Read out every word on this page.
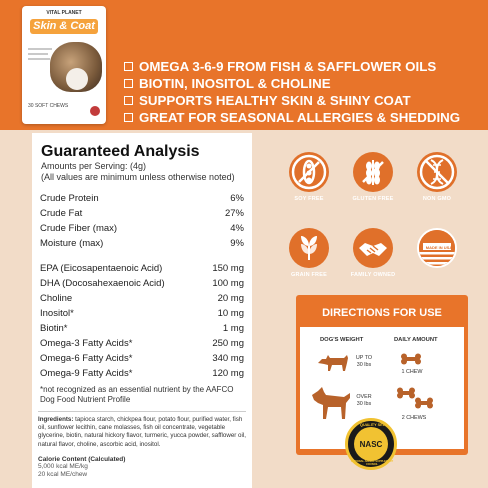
VITAL PLANET
Skin & Coat
30 SOFT CHEWS
OMEGA 3-6-9 FROM FISH & SAFFLOWER OILS
BIOTIN, INOSITOL & CHOLINE
SUPPORTS HEALTHY SKIN & SHINY COAT
GREAT FOR SEASONAL ALLERGIES & SHEDDING
Guaranteed Analysis
Amounts per Serving: (4g)
(All values are minimum unless otherwise noted)
Crude Protein	6%
Crude Fat	27%
Crude Fiber (max)	4%
Moisture (max)	9%
EPA (Eicosapentaenoic Acid)	150 mg
DHA (Docosahexaenoic Acid)	100 mg
Choline	20 mg
Inositol*	10 mg
Biotin*	1 mg
Omega-3 Fatty Acids*	250 mg
Omega-6 Fatty Acids*	340 mg
Omega-9 Fatty Acids*	120 mg
*not recognized as an essential nutrient by the AAFCO Dog Food Nutrient Profile
Ingredients: tapioca starch, chickpea flour, potato flour, purified water, fish oil, sunflower lecithin, cane molasses, fish oil concentrate, vegetable glycerine, biotin, natural hickory flavor, turmeric, yucca powder, safflower oil, natural flavor, choline, ascorbic acid, inositol.
Calorie Content (Calculated)
5,000 kcal ME/kg
20 kcal ME/chew
SOY FREE	GLUTEN FREE	NON GMO
GRAIN FREE	FAMILY OWNED
MADE IN USA
DIRECTIONS FOR USE
DOG'S WEIGHT	DAILY AMOUNT
UP TO 30 lbs
1 CHEW
OVER 30 lbs
2 CHEWS
NASC
QUALITY SEAL
NATIONAL ANIMAL SUPPLEMENT COUNCIL
